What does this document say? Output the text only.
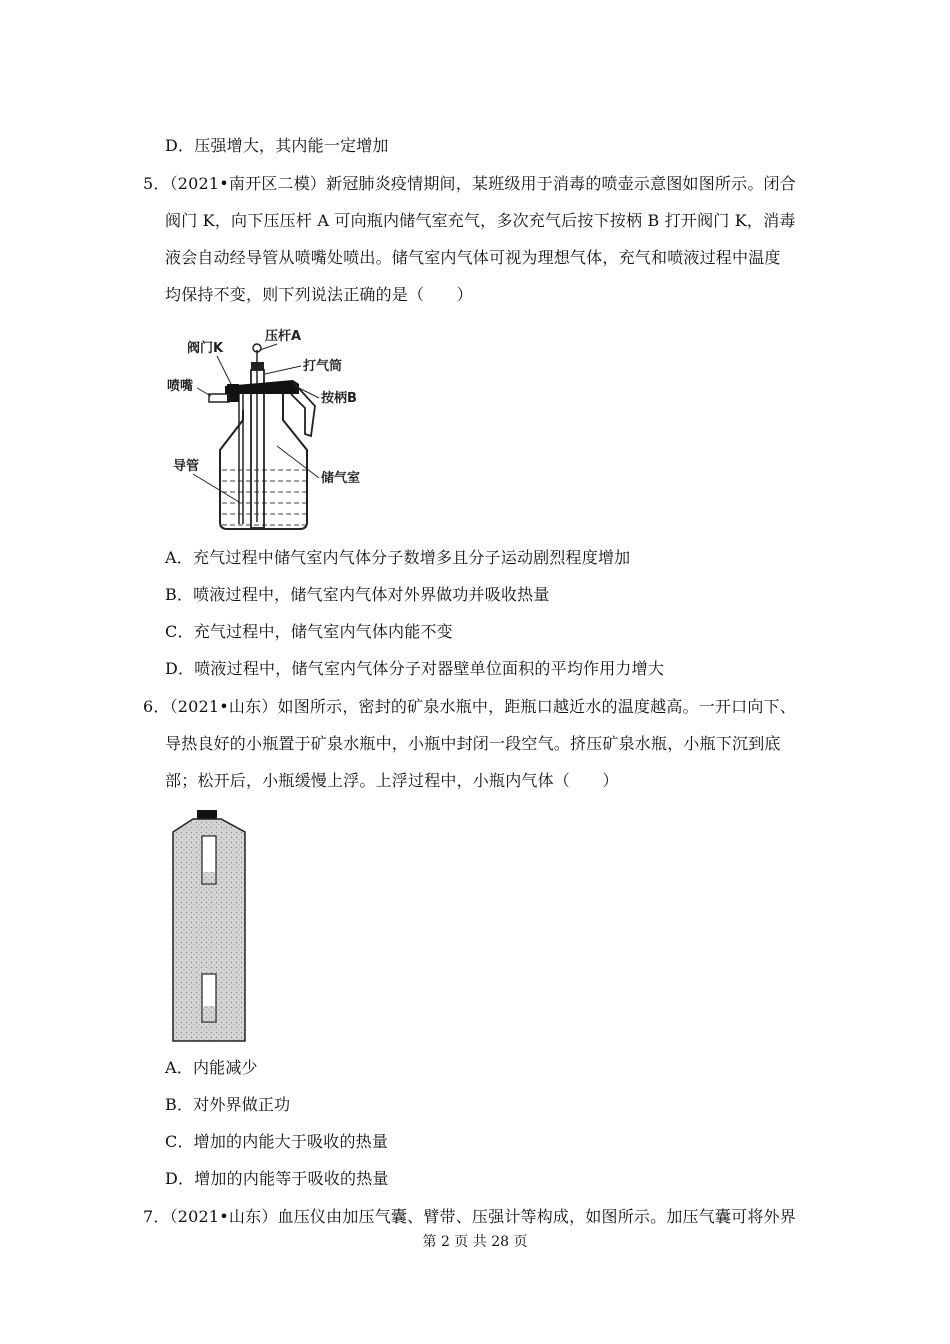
D．压强增大，其内能一定增加
5．（2021•南开区二模）新冠肺炎疫情期间，某班级用于消毒的喷壶示意图如图所示。闭合
阀门 K，向下压压杆 A 可向瓶内储气室充气，多次充气后按下按柄 B 打开阀门 K，消毒
液会自动经导管从喷嘴处喷出。储气室内气体可视为理想气体，充气和喷液过程中温度
均保持不变，则下列说法正确的是（　　）
阀门K
压杆A
打气筒
喷嘴
按柄B
导管
储气室
A．充气过程中储气室内气体分子数增多且分子运动剧烈程度增加
B．喷液过程中，储气室内气体对外界做功并吸收热量
C．充气过程中，储气室内气体内能不变
D．喷液过程中，储气室内气体分子对器壁单位面积的平均作用力增大
6．（2021•山东）如图所示，密封的矿泉水瓶中，距瓶口越近水的温度越高。一开口向下、
导热良好的小瓶置于矿泉水瓶中，小瓶中封闭一段空气。挤压矿泉水瓶，小瓶下沉到底
部；松开后，小瓶缓慢上浮。上浮过程中，小瓶内气体（　　）
A．内能减少
B．对外界做正功
C．增加的内能大于吸收的热量
D．增加的内能等于吸收的热量
7．（2021•山东）血压仪由加压气囊、臂带、压强计等构成，如图所示。加压气囊可将外界
第 2 页 共 28 页
